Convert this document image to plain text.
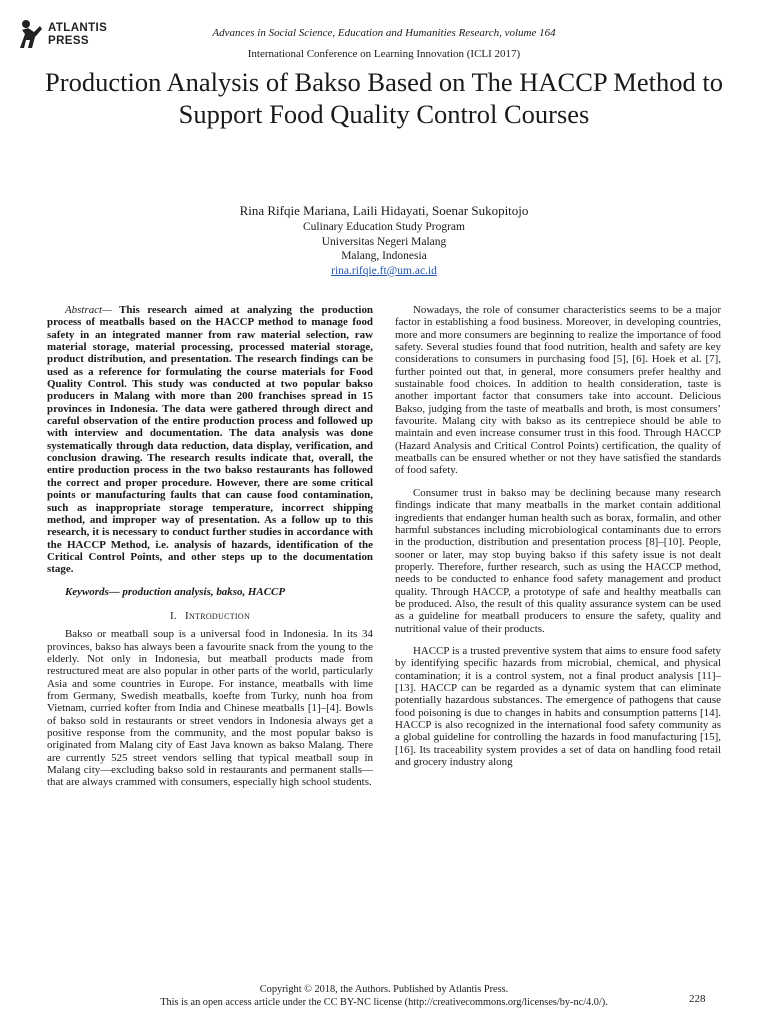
ATLANTIS
PRESS
Advances in Social Science, Education and Humanities Research, volume 164
International Conference on Learning Innovation (ICLI 2017)
Production Analysis of Bakso Based on The HACCP Method to Support Food Quality Control Courses
Rina Rifqie Mariana, Laili Hidayati, Soenar Sukopitojo
Culinary Education Study Program
Universitas Negeri Malang
Malang, Indonesia
rina.rifqie.ft@um.ac.id
Abstract— This research aimed at analyzing the production process of meatballs based on the HACCP method to manage food safety in an integrated manner from raw material selection, raw material storage, material processing, processed material storage, product distribution, and presentation. The research findings can be used as a reference for formulating the course materials for Food Quality Control. This study was conducted at two popular bakso producers in Malang with more than 200 franchises spread in 15 provinces in Indonesia. The data were gathered through direct and careful observation of the entire production process and followed up with interview and documentation. The data analysis was done systematically through data reduction, data display, verification, and conclusion drawing. The research results indicate that, overall, the entire production process in the two bakso restaurants has followed the correct and proper procedure. However, there are some critical points or manufacturing faults that can cause food contamination, such as inappropriate storage temperature, incorrect shipping method, and improper way of presentation. As a follow up to this research, it is necessary to conduct further studies in accordance with the HACCP Method, i.e. analysis of hazards, identification of the Critical Control Points, and other steps up to the documentation stage.
Keywords— production analysis, bakso, HACCP
I. Introduction

Bakso or meatball soup is a universal food in Indonesia. In its 34 provinces, bakso has always been a favourite snack from the young to the elderly. Not only in Indonesia, but meatball products made from restructured meat are also popular in other parts of the world, particularly Asia and some countries in Europe. For instance, meatballs with lime from Germany, Swedish meatballs, koefte from Turky, nunh hoa from Vietnam, curried kofter from India and Chinese meatballs [1]–[4]. Bowls of bakso sold in restaurants or street vendors in Indonesia always get a positive response from the community, and the most popular bakso is originated from Malang city of East Java known as bakso Malang. There are currently 525 street vendors selling that typical meatball soup in Malang city—excluding bakso sold in restaurants and permanent stalls—that are always crammed with consumers, especially high school students.

Nowadays, the role of consumer characteristics seems to be a major factor in establishing a food business. Moreover, in developing countries, more and more consumers are beginning to realize the importance of food safety. Several studies found that food nutrition, health and safety are key considerations to consumers in purchasing food [5], [6]. Hoek et al. [7], further pointed out that, in general, more consumers prefer healthy and sustainable food choices. In addition to health consideration, taste is another important factor that consumers take into account. Delicious Bakso, judging from the taste of meatballs and broth, is most consumers’ favourite. Malang city with bakso as its centrepiece should be able to maintain and even increase consumer trust in this food. Through HACCP (Hazard Analysis and Critical Control Points) certification, the quality of meatballs can be ensured whether or not they have satisfied the standards of food safety.

Consumer trust in bakso may be declining because many research findings indicate that many meatballs in the market contain additional ingredients that endanger human health such as borax, formalin, and other harmful substances including microbiological contaminants due to errors in the production, distribution and presentation process [8]–[10]. People, sooner or later, may stop buying bakso if this safety issue is not dealt properly. Therefore, further research, such as using the HACCP method, needs to be conducted to enhance food safety management and product quality. Through HACCP, a prototype of safe and healthy meatballs can be produced. Also, the result of this quality assurance system can be used as a guideline for meatball producers to ensure the safety, quality and nutritional value of their products.

HACCP is a trusted preventive system that aims to ensure food safety by identifying specific hazards from microbial, chemical, and physical contamination; it is a control system, not a final product analysis [11]–[13]. HACCP can be regarded as a dynamic system that can eliminate potentially hazardous substances. The emergence of pathogens that cause food poisoning is due to changes in habits and consumption patterns [14]. HACCP is also recognized in the international food safety community as a global guideline for controlling the hazards in food manufacturing [15], [16]. Its traceability system provides a set of data on handling food retail and grocery industry along

Copyright © 2018, the Authors. Published by Atlantis Press.
This is an open access article under the CC BY-NC license (http://creativecommons.org/licenses/by-nc/4.0/).	228
